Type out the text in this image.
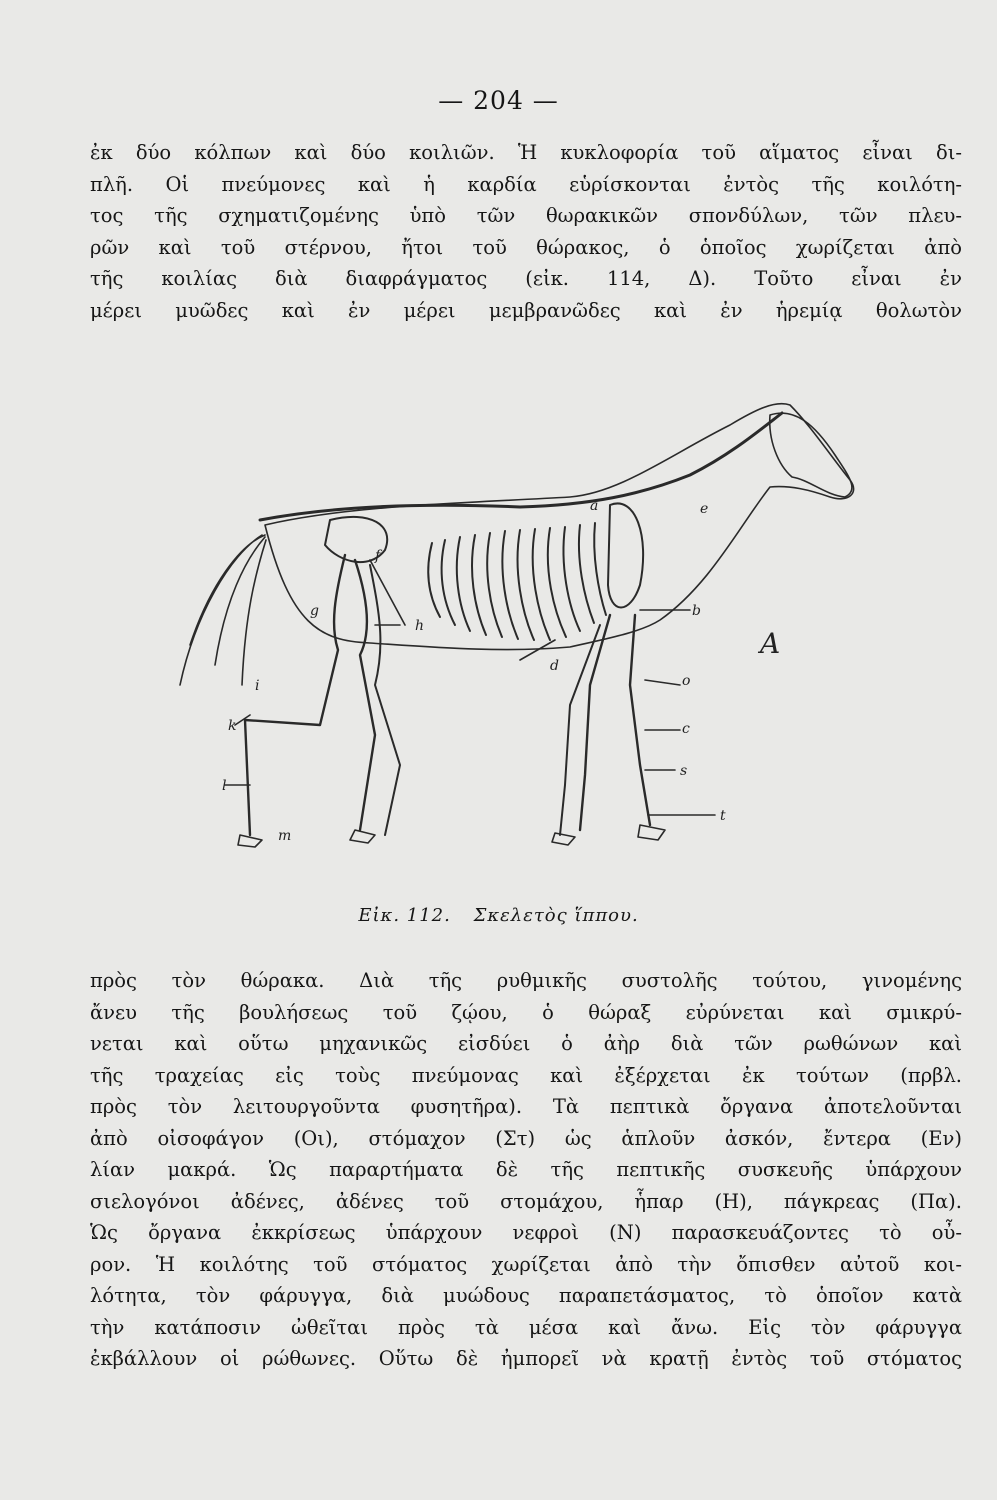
— 204 —
ἐκ δύο κόλπων καὶ δύο κοιλιῶν. Ἡ κυκλοφορία τοῦ αἵματος εἶναι δι-
πλῆ. Οἱ πνεύμονες καὶ ἡ καρδία εὑρίσκονται ἐντὸς τῆς κοιλότη-
τος τῆς σχηματιζομένης ὑπὸ τῶν θωρακικῶν σπονδύλων, τῶν πλευ-
ρῶν καὶ τοῦ στέρνου, ἤτοι τοῦ θώρακος, ὁ ὁποῖος χωρίζεται ἀπὸ
τῆς κοιλίας διὰ διαφράγματος (εἰκ. 114, Δ). Τοῦτο εἶναι ἐν
μέρει μυῶδες καὶ ἐν μέρει μεμβρανῶδες καὶ ἐν ἡρεμίᾳ θολωτὸν
A
a
b
c
d
f
g
h
i
k
l
m
o
s
t
e
Εἰκ. 112. Σκελετὸς ἵππου.
πρὸς τὸν θώρακα. Διὰ τῆς ρυθμικῆς συστολῆς τούτου, γινομένης
ἄνευ τῆς βουλήσεως τοῦ ζῴου, ὁ θώραξ εὐρύνεται καὶ σμικρύ-
νεται καὶ οὕτω μηχανικῶς εἰσδύει ὁ ἀὴρ διὰ τῶν ρωθώνων καὶ
τῆς τραχείας εἰς τοὺς πνεύμονας καὶ ἐξέρχεται ἐκ τούτων (πρβλ.
πρὸς τὸν λειτουργοῦντα φυσητῆρα). Τὰ πεπτικὰ ὄργανα ἀποτελοῦνται
ἀπὸ οἰσοφάγον (Οι), στόμαχον (Στ) ὡς ἁπλοῦν ἀσκόν, ἔντερα (Εν)
λίαν μακρά. Ὡς παραρτήματα δὲ τῆς πεπτικῆς συσκευῆς ὑπάρχουν
σιελογόνοι ἀδένες, ἀδένες τοῦ στομάχου, ἧπαρ (Η), πάγκρεας (Πα).
Ὡς ὄργανα ἐκκρίσεως ὑπάρχουν νεφροὶ (Ν) παρασκευάζοντες τὸ οὖ-
ρον. Ἡ κοιλότης τοῦ στόματος χωρίζεται ἀπὸ τὴν ὄπισθεν αὐτοῦ κοι-
λότητα, τὸν φάρυγγα, διὰ μυώδους παραπετάσματος, τὸ ὁποῖον κατὰ
τὴν κατάποσιν ὠθεῖται πρὸς τὰ μέσα καὶ ἄνω. Εἰς τὸν φάρυγγα
ἐκβάλλουν οἱ ρώθωνες. Οὕτω δὲ ἠμπορεῖ νὰ κρατῇ ἐντὸς τοῦ στόματος
